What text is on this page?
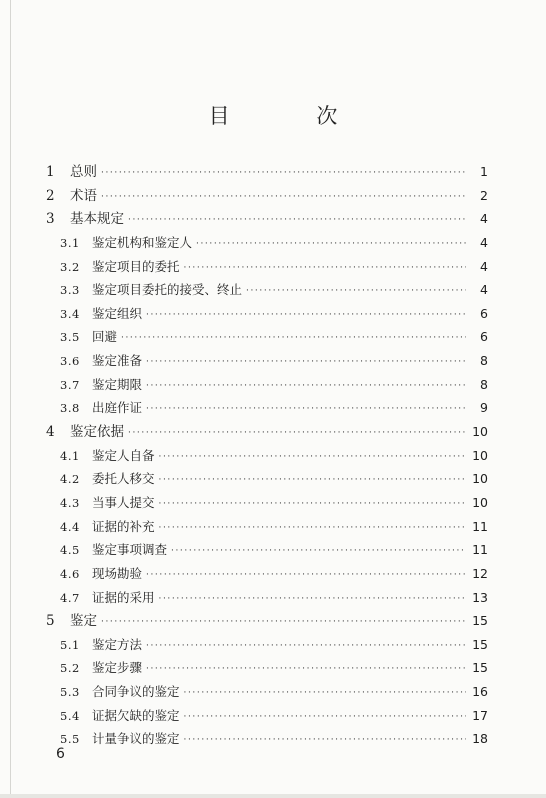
目 次
1	总则 ·····	1
2	术语 ·····	2
3	基本规定 ·····	4
3.1 鉴定机构和鉴定人 ·····	4
3.2 鉴定项目的委托 ·····	4
3.3 鉴定项目委托的接受、终止 ·····	4
3.4 鉴定组织 ·····	6
3.5 回避 ·····	6
3.6 鉴定准备 ·····	8
3.7 鉴定期限 ·····	8
3.8 出庭作证 ·····	9
4	鉴定依据 ·····	10
4.1 鉴定人自备 ·····	10
4.2 委托人移交 ·····	10
4.3 当事人提交 ·····	10
4.4 证据的补充 ·····	11
4.5 鉴定事项调查 ·····	11
4.6 现场勘验 ·····	12
4.7 证据的采用 ·····	13
5	鉴定 ·····	15
5.1 鉴定方法 ·····	15
5.2 鉴定步骤 ·····	15
5.3 合同争议的鉴定 ·····	16
5.4 证据欠缺的鉴定 ·····	17
5.5 计量争议的鉴定 ·····	18
6
